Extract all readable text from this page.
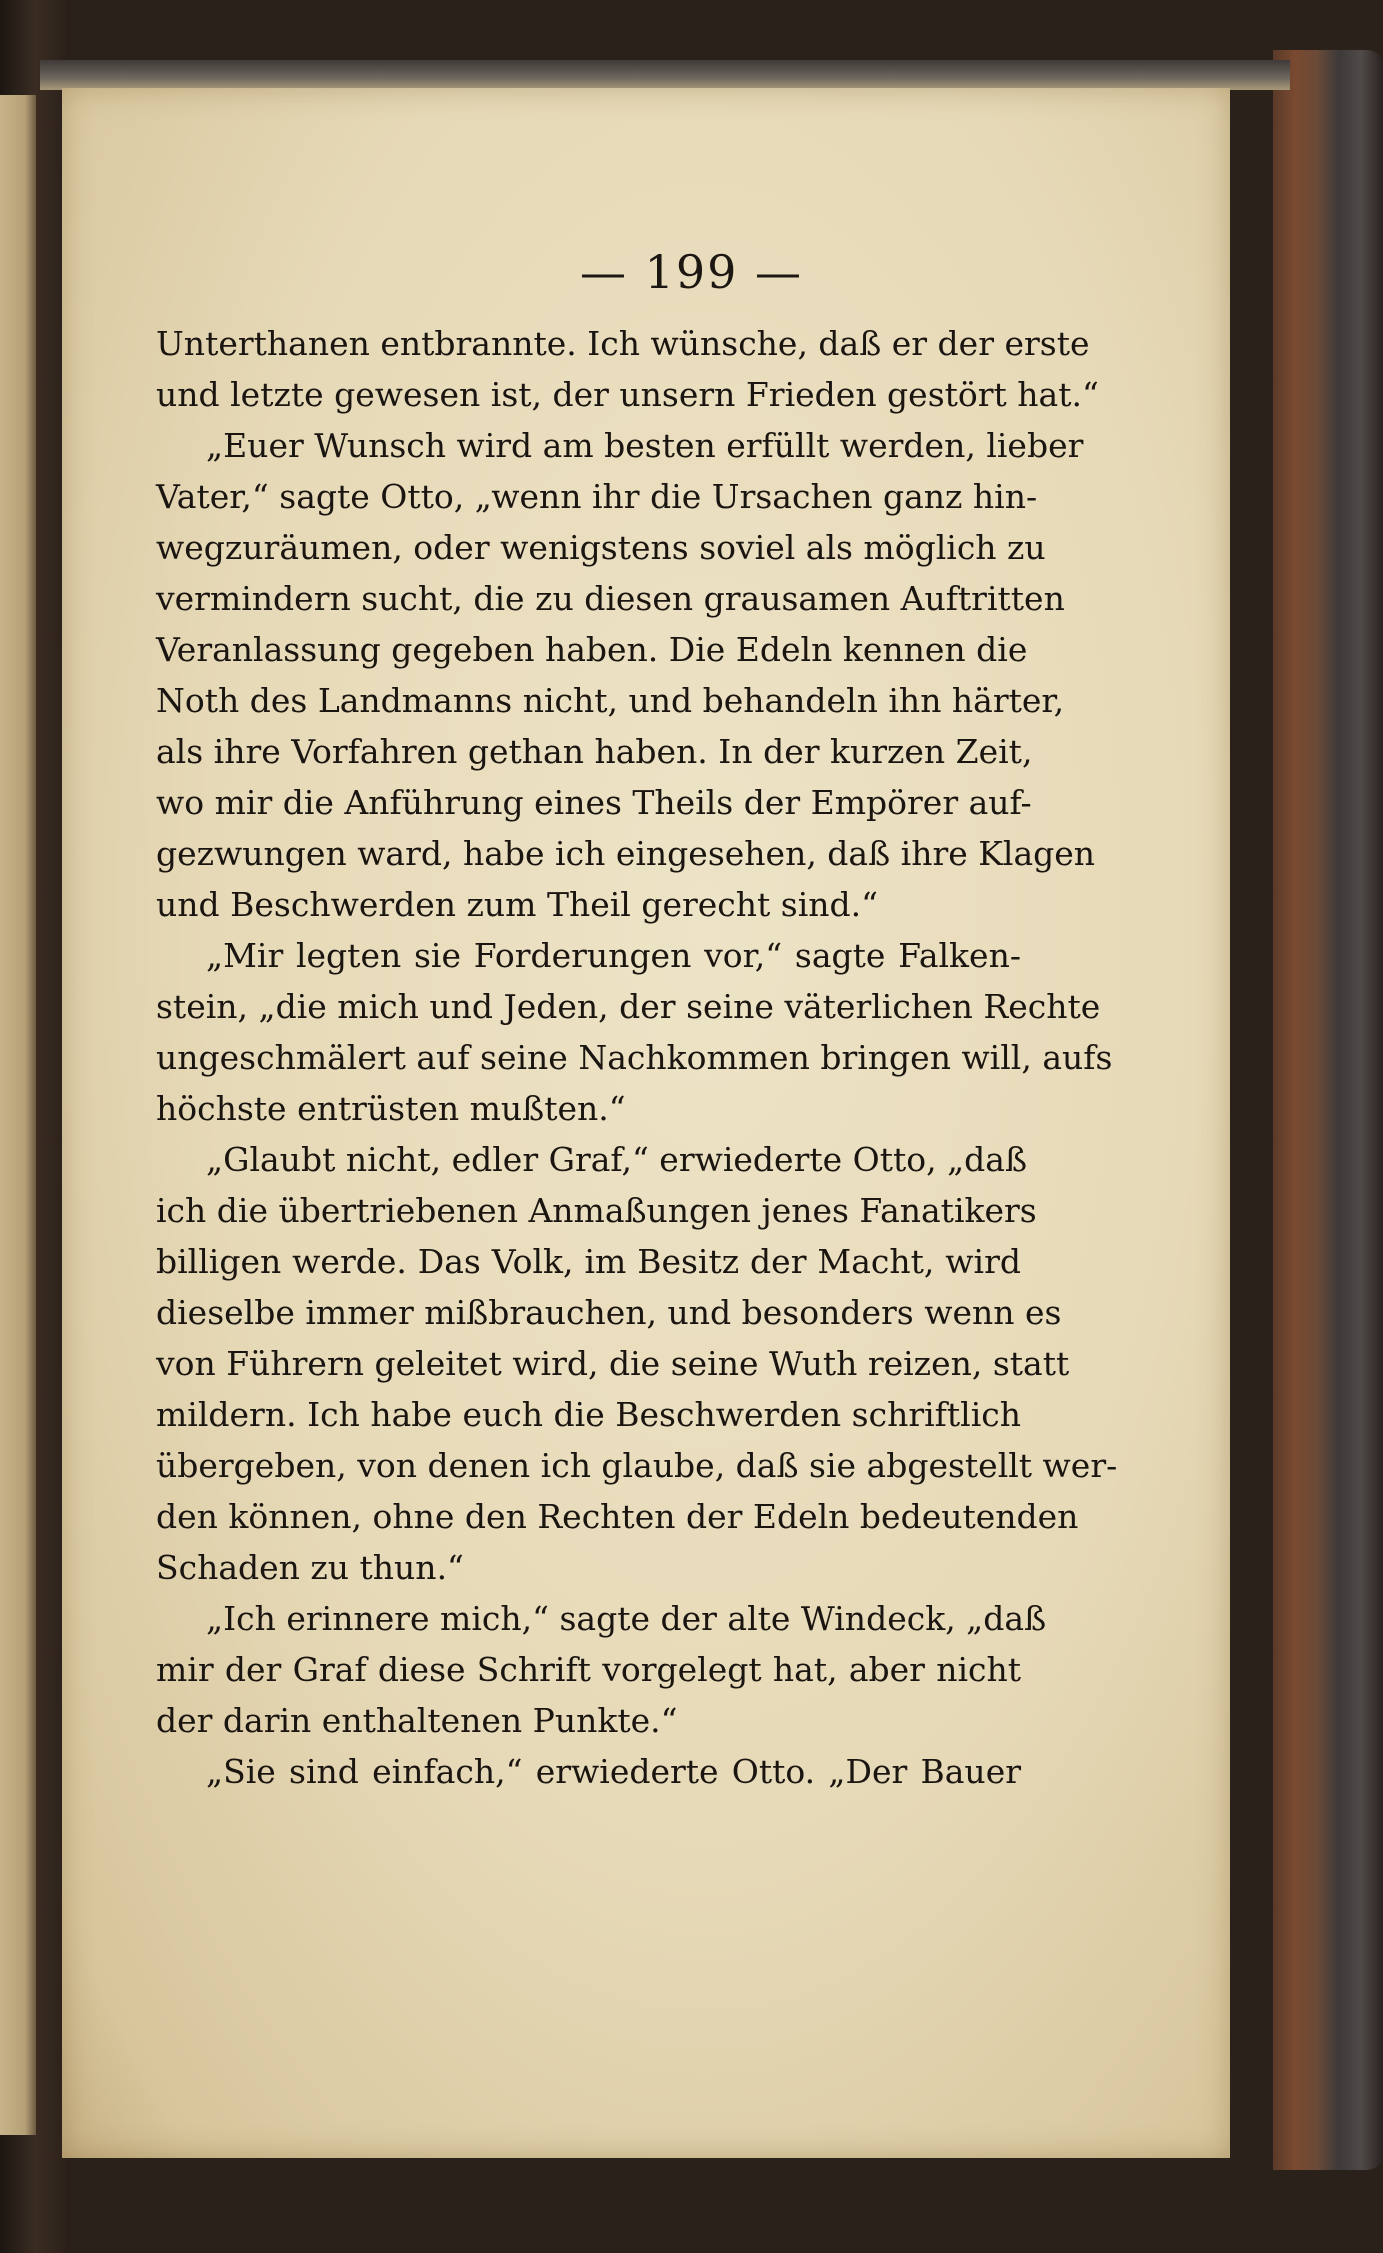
— 199 —
Unterthanen entbrannte. Ich wünsche, daß er der erste
und letzte gewesen ist, der unsern Frieden gestört hat.“
„Euer Wunsch wird am besten erfüllt werden, lieber
Vater,“ sagte Otto, „wenn ihr die Ursachen ganz hin-
wegzuräumen, oder wenigstens soviel als möglich zu
vermindern sucht, die zu diesen grausamen Auftritten
Veranlassung gegeben haben. Die Edeln kennen die
Noth des Landmanns nicht, und behandeln ihn härter,
als ihre Vorfahren gethan haben. In der kurzen Zeit,
wo mir die Anführung eines Theils der Empörer auf-
gezwungen ward, habe ich eingesehen, daß ihre Klagen
und Beschwerden zum Theil gerecht sind.“
„Mir legten sie Forderungen vor,“ sagte Falken-
stein, „die mich und Jeden, der seine väterlichen Rechte
ungeschmälert auf seine Nachkommen bringen will, aufs
höchste entrüsten mußten.“
„Glaubt nicht, edler Graf,“ erwiederte Otto, „daß
ich die übertriebenen Anmaßungen jenes Fanatikers
billigen werde. Das Volk, im Besitz der Macht, wird
dieselbe immer mißbrauchen, und besonders wenn es
von Führern geleitet wird, die seine Wuth reizen, statt
mildern. Ich habe euch die Beschwerden schriftlich
übergeben, von denen ich glaube, daß sie abgestellt wer-
den können, ohne den Rechten der Edeln bedeutenden
Schaden zu thun.“
„Ich erinnere mich,“ sagte der alte Windeck, „daß
mir der Graf diese Schrift vorgelegt hat, aber nicht
der darin enthaltenen Punkte.“
„Sie sind einfach,“ erwiederte Otto. „Der Bauer
